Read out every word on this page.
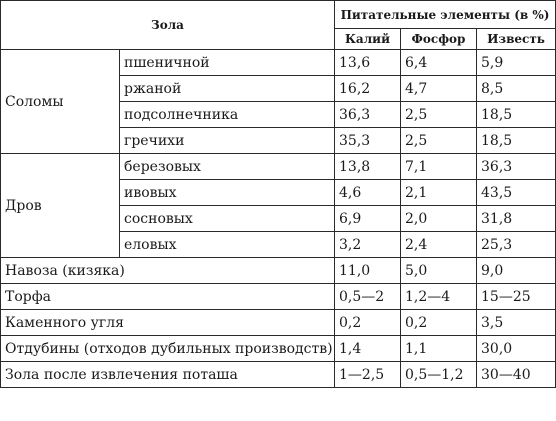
Зола		Питательные элементы (в %)		
		Калий	Фосфор	Известь
Соломы	пшеничной	13,6	6,4	5,9
	ржаной	16,2	4,7	8,5
	подсолнечника	36,3	2,5	18,5
	гречихи	35,3	2,5	18,5
Дров	березовых	13,8	7,1	36,3
	ивовых	4,6	2,1	43,5
	сосновых	6,9	2,0	31,8
	еловых	3,2	2,4	25,3
Навоза (кизяка)		11,0	5,0	9,0
Торфа		0,5—2	1,2—4	15—25
Каменного угля		0,2	0,2	3,5
Отдубины (отходов дубильных производств)		1,4	1,1	30,0
Зола после извлечения поташа		1—2,5	0,5—1,2	30—40
